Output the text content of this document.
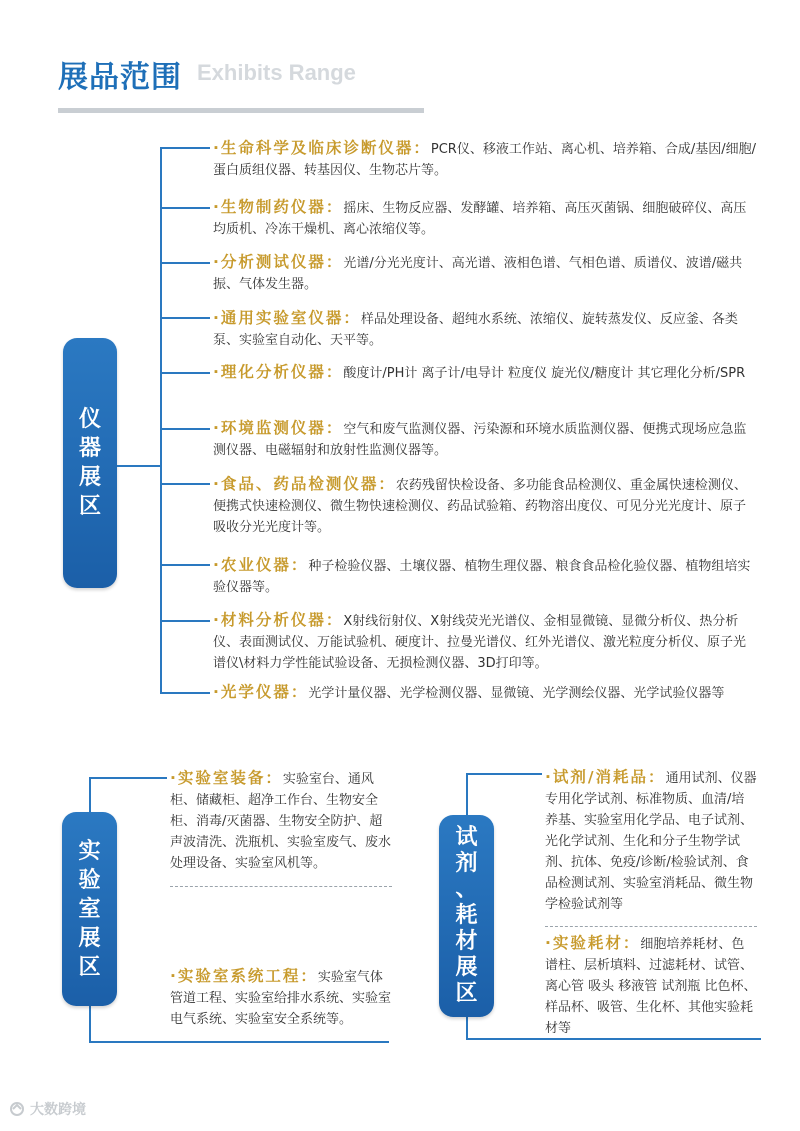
展品范围 Exhibits Range
仪
器
展
区
·生命科学及临床诊断仪器：PCR仪、移液工作站、离心机、培养箱、合成/基因/细胞/蛋白质组仪器、转基因仪、生物芯片等。
·生物制药仪器：摇床、生物反应器、发酵罐、培养箱、高压灭菌锅、细胞破碎仪、高压均质机、冷冻干燥机、离心浓缩仪等。
·分析测试仪器：光谱/分光光度计、高光谱、液相色谱、气相色谱、质谱仪、波谱/磁共振、气体发生器。
·通用实验室仪器：样品处理设备、超纯水系统、浓缩仪、旋转蒸发仪、反应釜、各类泵、实验室自动化、天平等。
·理化分析仪器：酸度计/PH计 离子计/电导计 粒度仪 旋光仪/糖度计 其它理化分析/SPR
·环境监测仪器：空气和废气监测仪器、污染源和环境水质监测仪器、便携式现场应急监测仪器、电磁辐射和放射性监测仪器等。
·食品、药品检测仪器：农药残留快检设备、多功能食品检测仪、重金属快速检测仪、便携式快速检测仪、微生物快速检测仪、药品试验箱、药物溶出度仪、可见分光光度计、原子吸收分光光度计等。
·农业仪器：种子检验仪器、土壤仪器、植物生理仪器、粮食食品检化验仪器、植物组培实验仪器等。
·材料分析仪器：X射线衍射仪、X射线荧光光谱仪、金相显微镜、显微分析仪、热分析仪、表面测试仪、万能试验机、硬度计、拉曼光谱仪、红外光谱仪、激光粒度分析仪、原子光谱仪\材料力学性能试验设备、无损检测仪器、3D打印等。
·光学仪器：光学计量仪器、光学检测仪器、显微镜、光学测绘仪器、光学试验仪器等
实
验
室
展
区
·实验室装备：实验室台、通风柜、储藏柜、超净工作台、生物安全柜、消毒/灭菌器、生物安全防护、超声波清洗、洗瓶机、实验室废气、废水处理设备、实验室风机等。
·实验室系统工程：实验室气体管道工程、实验室给排水系统、实验室电气系统、实验室安全系统等。
试
剂
、
耗
材
展
区
·试剂/消耗品：通用试剂、仪器专用化学试剂、标准物质、血清/培养基、实验室用化学品、电子试剂、光化学试剂、生化和分子生物学试剂、抗体、免疫/诊断/检验试剂、食品检测试剂、实验室消耗品、微生物学检验试剂等
·实验耗材：细胞培养耗材、色谱柱、层析填料、过滤耗材、试管、离心管 吸头 移液管 试剂瓶 比色杯、样品杯、吸管、生化杯、其他实验耗材等
大数跨境
